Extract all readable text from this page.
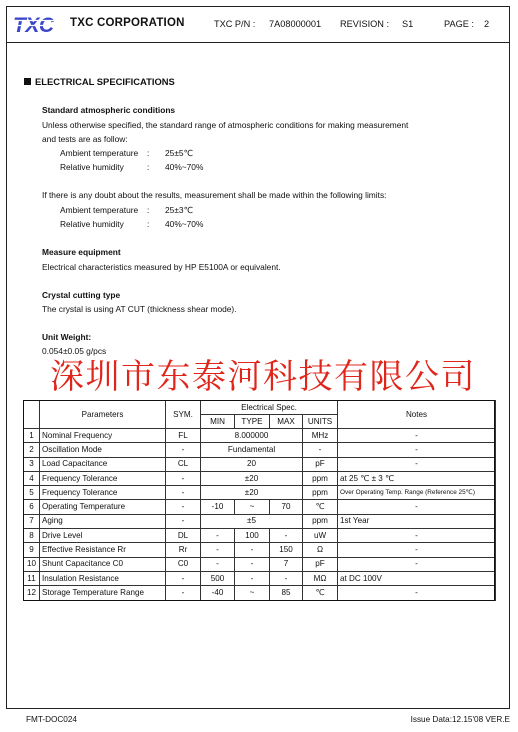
TXC TXC CORPORATION	TXC P/N : 7A08000001 REVISION : S1	PAGE : 2
ELECTRICAL SPECIFICATIONS
Standard atmospheric conditions
Unless otherwise specified, the standard range of atmospheric conditions for making measurement
and tests are as follow:
Ambient temperature : 25±5℃
Relative humidity	: 40%~70%
If there is any doubt about the results, measurement shall be made within the following limits:
Ambient temperature : 25±3℃
Relative humidity	: 40%~70%
Measure equipment
Electrical characteristics measured by HP E5100A or equivalent.
Crystal cutting type
The crystal is using AT CUT (thickness shear mode).
Unit Weight:
0.054±0.05 g/pcs
深圳市东泰河科技有限公司
	Parameters	SYM.	Electrical Spec.				Notes
			MIN	TYPE	MAX	UNITS	
1	Nominal Frequency	FL	8.000000			MHz	-
2	Oscillation Mode	-	Fundamental			-	-
3	Load Capacitance	CL	20			pF	-
4	Frequency Tolerance	-	±20			ppm	at 25 ℃ ± 3 ℃
5	Frequency Tolerance	-	±20			ppm	Over Operating Temp. Range (Reference 25℃)
6	Operating Temperature	-	-10	~	70	℃	-
7	Aging	-	±5			ppm	1st Year
8	Drive Level	DL	-	100	-	uW	-
9	Effective Resistance Rr	Rr	-	-	150	Ω	-
10	Shunt Capacitance C0	C0	-	-	7	pF	-
11	Insulation Resistance	-	500	-	-	MΩ	at DC 100V
12	Storage Temperature Range	-	-40	~	85	℃	-
FMT-DOC024	Issue Data:12.15'08 VER.E
